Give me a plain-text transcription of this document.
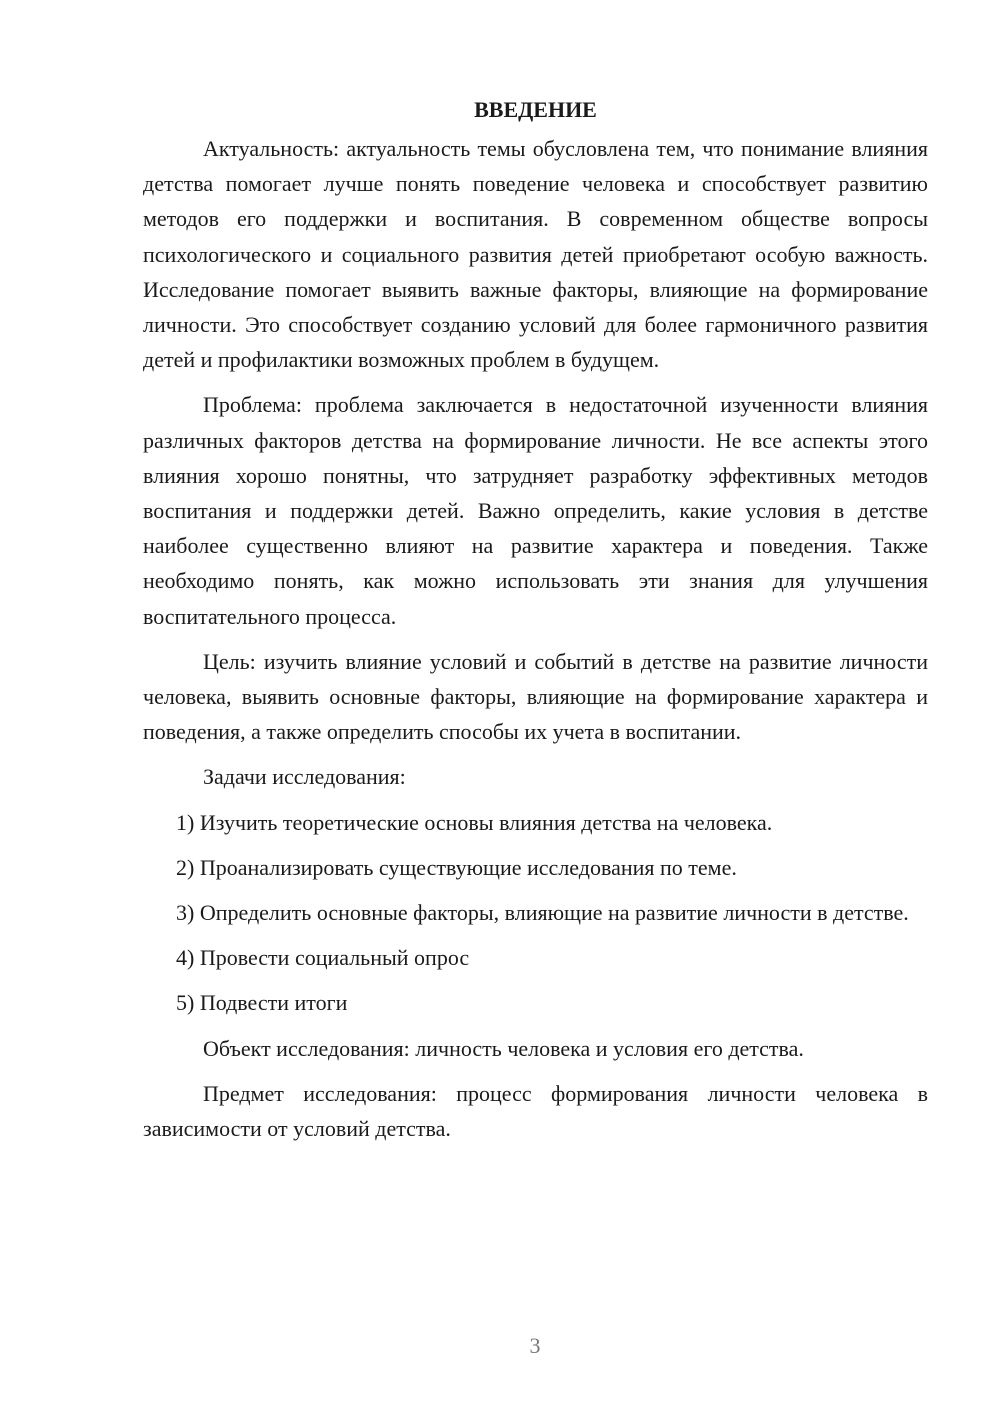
ВВЕДЕНИЕ

Актуальность: актуальность темы обусловлена тем, что понимание влияния детства помогает лучше понять поведение человека и способствует развитию методов его поддержки и воспитания. В современном обществе вопросы психологического и социального развития детей приобретают особую важность. Исследование помогает выявить важные факторы, влияющие на формирование личности. Это способствует созданию условий для более гармоничного развития детей и профилактики возможных проблем в будущем.

Проблема: проблема заключается в недостаточной изученности влияния различных факторов детства на формирование личности. Не все аспекты этого влияния хорошо понятны, что затрудняет разработку эффективных методов воспитания и поддержки детей. Важно определить, какие условия в детстве наиболее существенно влияют на развитие характера и поведения. Также необходимо понять, как можно использовать эти знания для улучшения воспитательного процесса.

Цель: изучить влияние условий и событий в детстве на развитие личности человека, выявить основные факторы, влияющие на формирование характера и поведения, а также определить способы их учета в воспитании.

Задачи исследования:

1) Изучить теоретические основы влияния детства на человека.

2) Проанализировать существующие исследования по теме.

3) Определить основные факторы, влияющие на развитие личности в детстве.

4) Провести социальный опрос

5) Подвести итоги

Объект исследования: личность человека и условия его детства.

Предмет исследования: процесс формирования личности человека в зависимости от условий детства.

3
